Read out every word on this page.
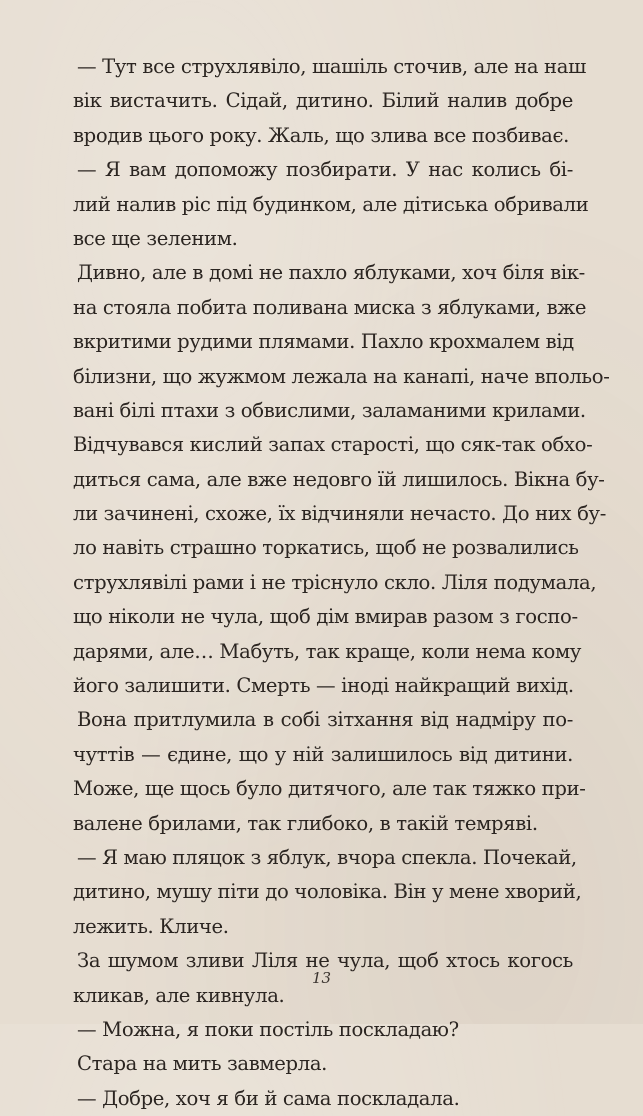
— Тут все струхлявіло, шашіль сточив, але на наш
вік вистачить. Сідай, дитино. Білий налив добре
вродив цього року. Жаль, що злива все позбиває.
— Я вам допоможу позбирати. У нас колись бі-
лий налив ріс під будинком, але дітиська обривали
все ще зеленим.
Дивно, але в домі не пахло яблуками, хоч біля вік-
на стояла побита поливана миска з яблуками, вже
вкритими рудими плямами. Пахло крохмалем від
білизни, що жужмом лежала на канапі, наче впольо-
вані білі птахи з обвислими, заламаними крилами.
Відчувався кислий запах старості, що сяк-так обхо-
диться сама, але вже недовго їй лишилось. Вікна бу-
ли зачинені, схоже, їх відчиняли нечасто. До них бу-
ло навіть страшно торкатись, щоб не розвалились
струхлявілі рами і не тріснуло скло. Ліля подумала,
що ніколи не чула, щоб дім вмирав разом з госпо-
дарями, але… Мабуть, так краще, коли нема кому
його залишити. Смерть — іноді найкращий вихід.
Вона притлумила в собі зітхання від надміру по-
чуттів — єдине, що у ній залишилось від дитини.
Може, ще щось було дитячого, але так тяжко при-
валене брилами, так глибоко, в такій темряві.
— Я маю пляцок з яблук, вчора спекла. Почекай,
дитино, мушу піти до чоловіка. Він у мене хворий,
лежить. Кличе.
За шумом зливи Ліля не чула, щоб хтось когось
кликав, але кивнула.
— Можна, я поки постіль поскладаю?
Стара на мить завмерла.
— Добре, хоч я би й сама поскладала.
13
